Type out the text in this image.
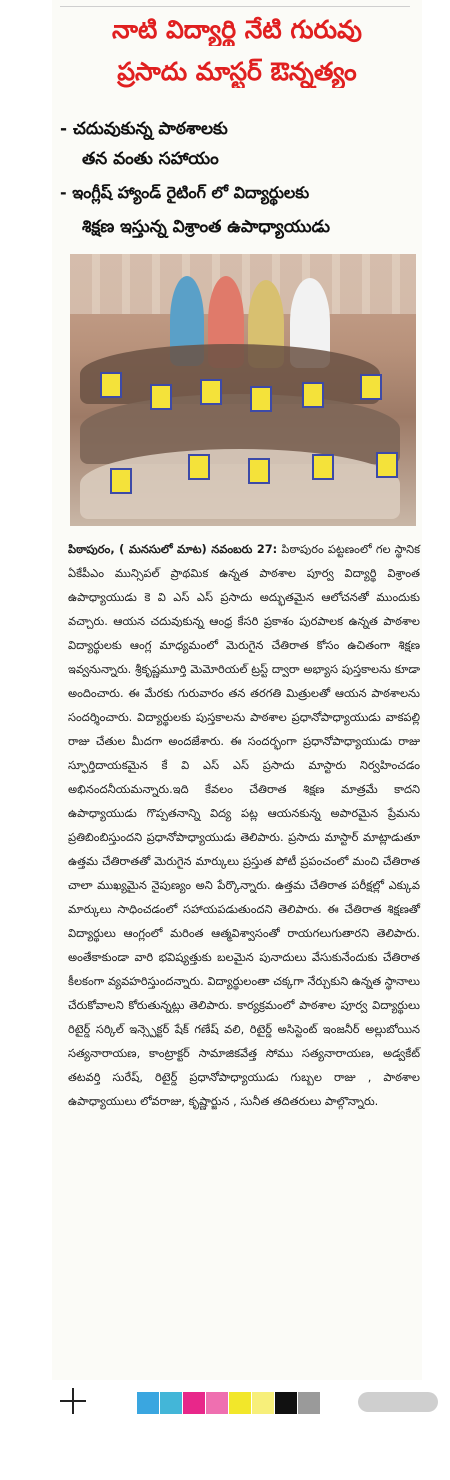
నాటి విద్యార్థి నేటి గురువు
ప్రసాదు మాస్టర్ ఔన్నత్యం
- చదువుకున్న పాఠశాలకు
తన వంతు సహాయం
- ఇంగ్లీష్ హ్యాండ్ రైటింగ్ లో విద్యార్థులకు
శిక్షణ ఇస్తున్న విశ్రాంత ఉపాధ్యాయుడు

పిఠాపురం, ( మనసులో మాట) నవంబరు 27: పిఠాపురం పట్టణంలో గల స్థానిక ఏకేపీఎం మున్సిపల్ ప్రాథమిక ఉన్నత పాఠశాల పూర్వ విద్యార్థి విశ్రాంత ఉపాధ్యాయుడు కె వి ఎస్ ఎస్ ప్రసాదు అద్భుతమైన ఆలోచనతో ముందుకు వచ్చారు. ఆయన చదువుకున్న ఆంధ్ర కేసరి ప్రకాశం పురపాలక ఉన్నత పాఠశాల విద్యార్థులకు ఆంగ్ల మాధ్యమంలో మెరుగైన చేతిరాత కోసం ఉచితంగా శిక్షణ ఇవ్వనున్నారు. శ్రీకృష్ణమూర్తి మెమోరియల్ ట్రస్ట్ ద్వారా అభ్యాస పుస్తకాలను కూడా అందించారు. ఈ మేరకు గురువారం తన తరగతి మిత్రులతో ఆయన పాఠశాలను సందర్శించారు. విద్యార్థులకు పుస్తకాలను పాఠశాల ప్రధానోపాధ్యాయుడు వాకపల్లి రాజు చేతుల మీదగా అందజేశారు. ఈ సందర్భంగా ప్రధానోపాధ్యాయుడు రాజు స్ఫూర్తిదాయకమైన కే వి ఎస్ ఎస్ ప్రసాదు మాస్టారు నిర్వహించడం అభినందనీయమన్నారు.ఇది కేవలం చేతిరాత శిక్షణ మాత్రమే కాదని ఉపాధ్యాయుడు గొప్పతనాన్ని విద్య పట్ల ఆయనకున్న అపారమైన ప్రేమను ప్రతిబింబిస్తుందని ప్రధానోపాధ్యాయుడు తెలిపారు. ప్రసాదు మాస్టార్ మాట్లాడుతూ ఉత్తమ చేతిరాతతో మెరుగైన మార్కులు ప్రస్తుత పోటీ ప్రపంచంలో మంచి చేతిరాత చాలా ముఖ్యమైన నైపుణ్యం అని పేర్కొన్నారు. ఉత్తమ చేతిరాత పరీక్షల్లో ఎక్కువ మార్కులు సాధించడంలో సహాయపడుతుందని తెలిపారు. ఈ చేతిరాత శిక్షణతో విద్యార్థులు ఆంగ్లంలో మరింత ఆత్మవిశ్వాసంతో రాయగలుగుతారని తెలిపారు. అంతేకాకుండా వారి భవిష్యత్తుకు బలమైన పునాదులు వేసుకునేందుకు చేతిరాత కీలకంగా వ్యవహరిస్తుందన్నారు. విద్యార్థులంతా చక్కగా నేర్చుకుని ఉన్నత స్థానాలు చేరుకోవాలని కోరుతున్నట్లు తెలిపారు. కార్యక్రమంలో పాఠశాల పూర్వ విద్యార్థులు రిటైర్డ్ సర్కిల్ ఇన్స్పెక్టర్ షేక్ గణేష్ వలి, రిటైర్డ్ అసిస్టెంట్ ఇంజనీర్ అల్లుబోయిన సత్యనారాయణ, కాంట్రాక్టర్ సామాజికవేత్త సోము సత్యనారాయణ, అడ్వకేట్ తటవర్తి సురేష్, రిటైర్డ్ ప్రధానోపాధ్యాయుడు గుబ్బల రాజు , పాఠశాల ఉపాధ్యాయులు లోవరాజు, కృష్ణార్జున , సునీత తదితరులు పాల్గొన్నారు.
